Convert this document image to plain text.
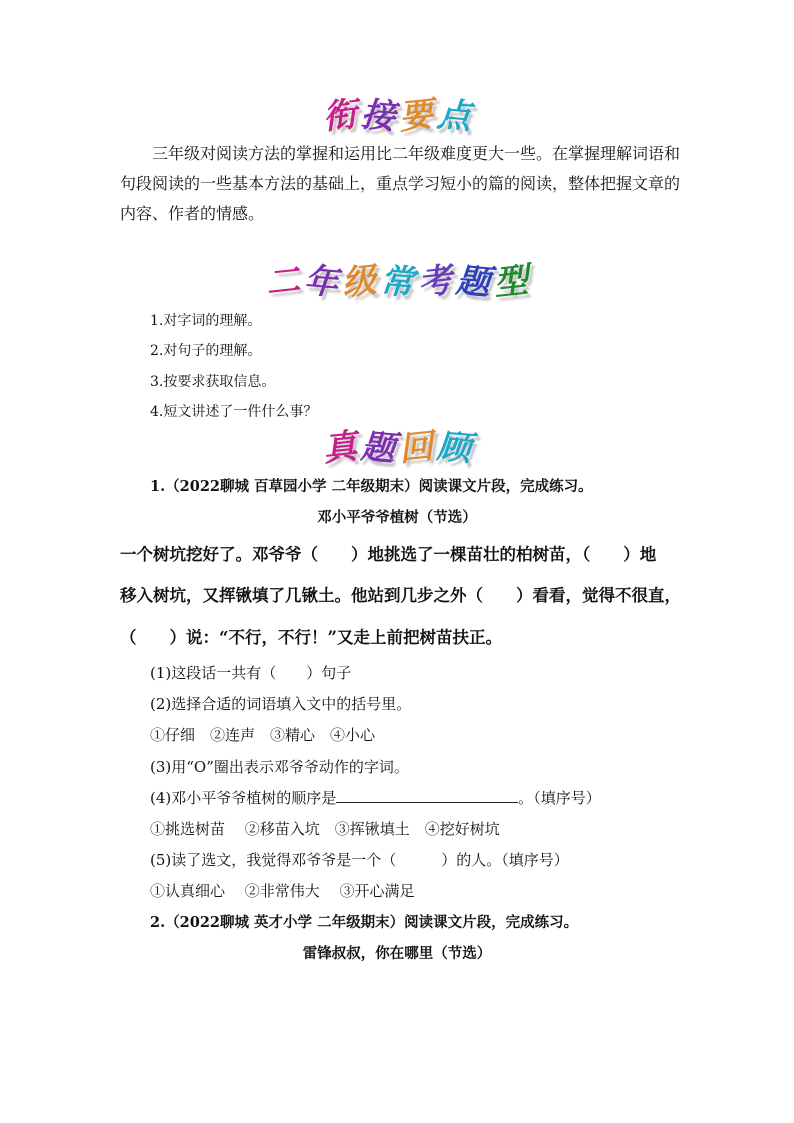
衔接要点

三年级对阅读方法的掌握和运用比二年级难度更大一些。在掌握理解词语和

句段阅读的一些基本方法的基础上，重点学习短小的篇的阅读，整体把握文章的
内容、作者的情感。
二年级常考题型
1.对字词的理解。
2.对句子的理解。
3.按要求获取信息。
4.短文讲述了一件什么事？
真题回顾
1.（2022聊城 百草园小学 二年级期末）阅读课文片段，完成练习。
邓小平爷爷植树（节选）
一个树坑挖好了。邓爷爷（　　）地挑选了一棵苗壮的柏树苗，（　　）地
移入树坑，又挥锹填了几锹土。他站到几步之外（　　）看看，觉得不很直，
（　　）说：“不行，不行！”又走上前把树苗扶正。
(1)这段话一共有（　　）句子
(2)选择合适的词语填入文中的括号里。
①仔细　②连声　③精心　④小心
(3)用“O”圈出表示邓爷爷动作的字词。
(4)邓小平爷爷植树的顺序是	。（填序号）
①挑选树苗　 ②移苗入坑　③挥锹填土　④挖好树坑
(5)读了选文，我觉得邓爷爷是一个（　　　）的人。（填序号）
①认真细心　 ②非常伟大　 ③开心满足
2.（2022聊城 英才小学 二年级期末）阅读课文片段，完成练习。
雷锋叔叔，你在哪里（节选）
